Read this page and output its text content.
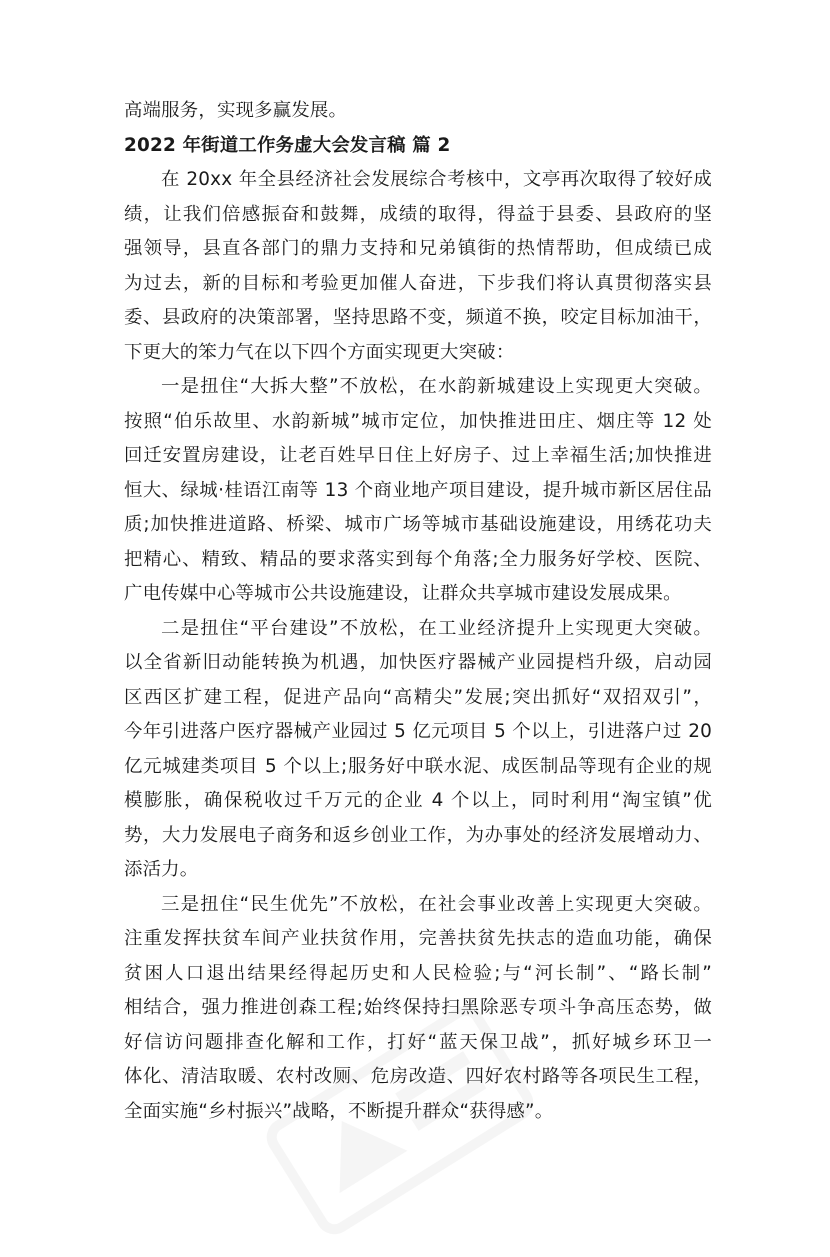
高端服务，实现多赢发展。
2022 年街道工作务虚大会发言稿 篇 2
在 20xx 年全县经济社会发展综合考核中，文亭再次取得了较好成
绩，让我们倍感振奋和鼓舞，成绩的取得，得益于县委、县政府的坚
强领导，县直各部门的鼎力支持和兄弟镇街的热情帮助，但成绩已成
为过去，新的目标和考验更加催人奋进，下步我们将认真贯彻落实县
委、县政府的决策部署，坚持思路不变，频道不换，咬定目标加油干，
下更大的笨力气在以下四个方面实现更大突破：
一是扭住“大拆大整”不放松，在水韵新城建设上实现更大突破。
按照“伯乐故里、水韵新城”城市定位，加快推进田庄、烟庄等 12 处
回迁安置房建设，让老百姓早日住上好房子、过上幸福生活;加快推进
恒大、绿城·桂语江南等 13 个商业地产项目建设，提升城市新区居住品
质;加快推进道路、桥梁、城市广场等城市基础设施建设，用绣花功夫
把精心、精致、精品的要求落实到每个角落;全力服务好学校、医院、
广电传媒中心等城市公共设施建设，让群众共享城市建设发展成果。
二是扭住“平台建设”不放松，在工业经济提升上实现更大突破。
以全省新旧动能转换为机遇，加快医疗器械产业园提档升级，启动园
区西区扩建工程，促进产品向“高精尖”发展;突出抓好“双招双引”，
今年引进落户医疗器械产业园过 5 亿元项目 5 个以上，引进落户过 20
亿元城建类项目 5 个以上;服务好中联水泥、成医制品等现有企业的规
模膨胀，确保税收过千万元的企业 4 个以上，同时利用“淘宝镇”优
势，大力发展电子商务和返乡创业工作，为办事处的经济发展增动力、
添活力。
三是扭住“民生优先”不放松，在社会事业改善上实现更大突破。
注重发挥扶贫车间产业扶贫作用，完善扶贫先扶志的造血功能，确保
贫困人口退出结果经得起历史和人民检验;与“河长制”、“路长制”
相结合，强力推进创森工程;始终保持扫黑除恶专项斗争高压态势，做
好信访问题排查化解和工作，打好“蓝天保卫战”，抓好城乡环卫一
体化、清洁取暖、农村改厕、危房改造、四好农村路等各项民生工程，
全面实施“乡村振兴”战略，不断提升群众“获得感”。
